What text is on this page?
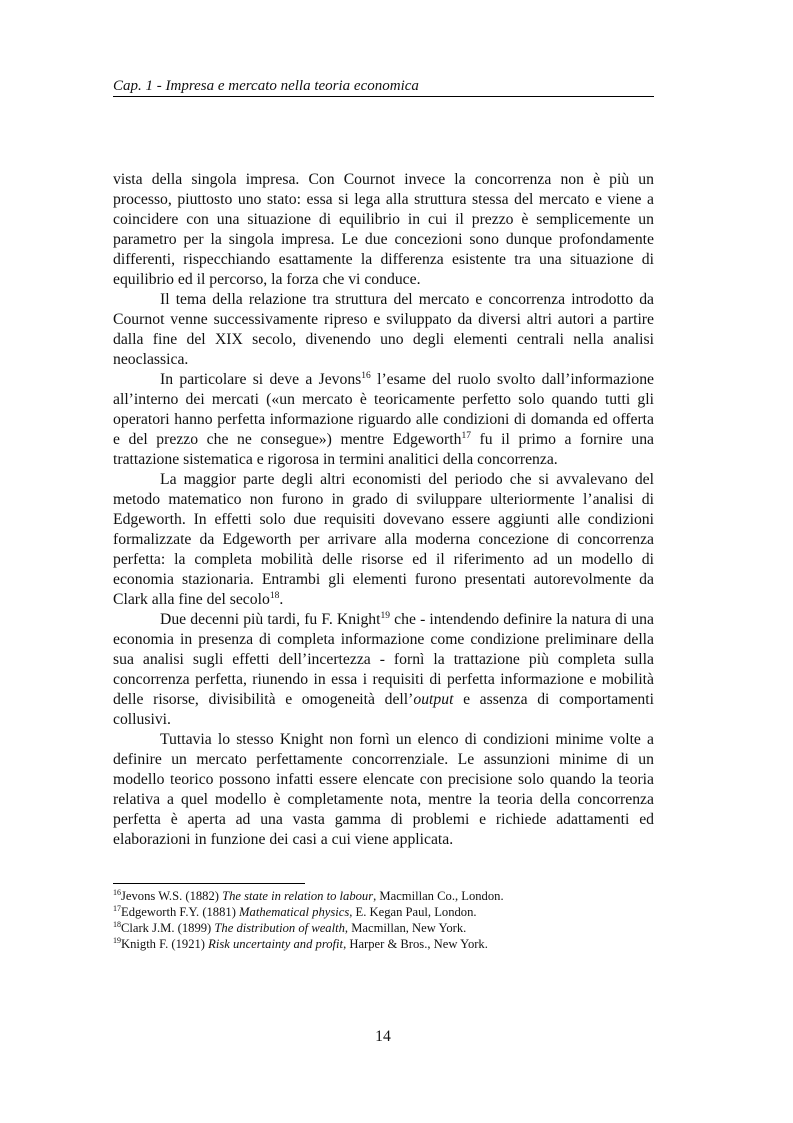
Cap. 1 - Impresa e mercato nella teoria economica

vista della singola impresa. Con Cournot invece la concorrenza non è più un processo, piuttosto uno stato: essa si lega alla struttura stessa del mercato e viene a coincidere con una situazione di equilibrio in cui il prezzo è semplicemente un parametro per la singola impresa. Le due concezioni sono dunque profondamente differenti, rispecchiando esattamente la differenza esistente tra una situazione di equilibrio ed il percorso, la forza che vi conduce.

Il tema della relazione tra struttura del mercato e concorrenza introdotto da Cournot venne successivamente ripreso e sviluppato da diversi altri autori a partire dalla fine del XIX secolo, divenendo uno degli elementi centrali nella analisi neoclassica.

In particolare si deve a Jevons$^{16}$ l’esame del ruolo svolto dall’informazione all’interno dei mercati («un mercato è teoricamente perfetto solo quando tutti gli operatori hanno perfetta informazione riguardo alle condizioni di domanda ed offerta e del prezzo che ne consegue») mentre Edgeworth$^{17}$ fu il primo a fornire una trattazione sistematica e rigorosa in termini analitici della concorrenza.

La maggior parte degli altri economisti del periodo che si avvalevano del metodo matematico non furono in grado di sviluppare ulteriormente l’analisi di Edgeworth. In effetti solo due requisiti dovevano essere aggiunti alle condizioni formalizzate da Edgeworth per arrivare alla moderna concezione di concorrenza perfetta: la completa mobilità delle risorse ed il riferimento ad un modello di economia stazionaria. Entrambi gli elementi furono presentati autorevolmente da Clark alla fine del secolo$^{18}$.

Due decenni più tardi, fu F. Knight$^{19}$ che - intendendo definire la natura di una economia in presenza di completa informazione come condizione preliminare della sua analisi sugli effetti dell’incertezza - fornì la trattazione più completa sulla concorrenza perfetta, riunendo in essa i requisiti di perfetta informazione e mobilità delle risorse, divisibilità e omogeneità dell’output e assenza di comportamenti collusivi.

Tuttavia lo stesso Knight non fornì un elenco di condizioni minime volte a definire un mercato perfettamente concorrenziale. Le assunzioni minime di un modello teorico possono infatti essere elencate con precisione solo quando la teoria relativa a quel modello è completamente nota, mentre la teoria della concorrenza perfetta è aperta ad una vasta gamma di problemi e richiede adattamenti ed elaborazioni in funzione dei casi a cui viene applicata.

$^{16}$Jevons W.S. (1882) The state in relation to labour, Macmillan Co., London.

$^{17}$Edgeworth F.Y. (1881) Mathematical physics, E. Kegan Paul, London.

$^{18}$Clark J.M. (1899) The distribution of wealth, Macmillan, New York.

$^{19}$Knigth F. (1921) Risk uncertainty and profit, Harper & Bros., New York.

14
